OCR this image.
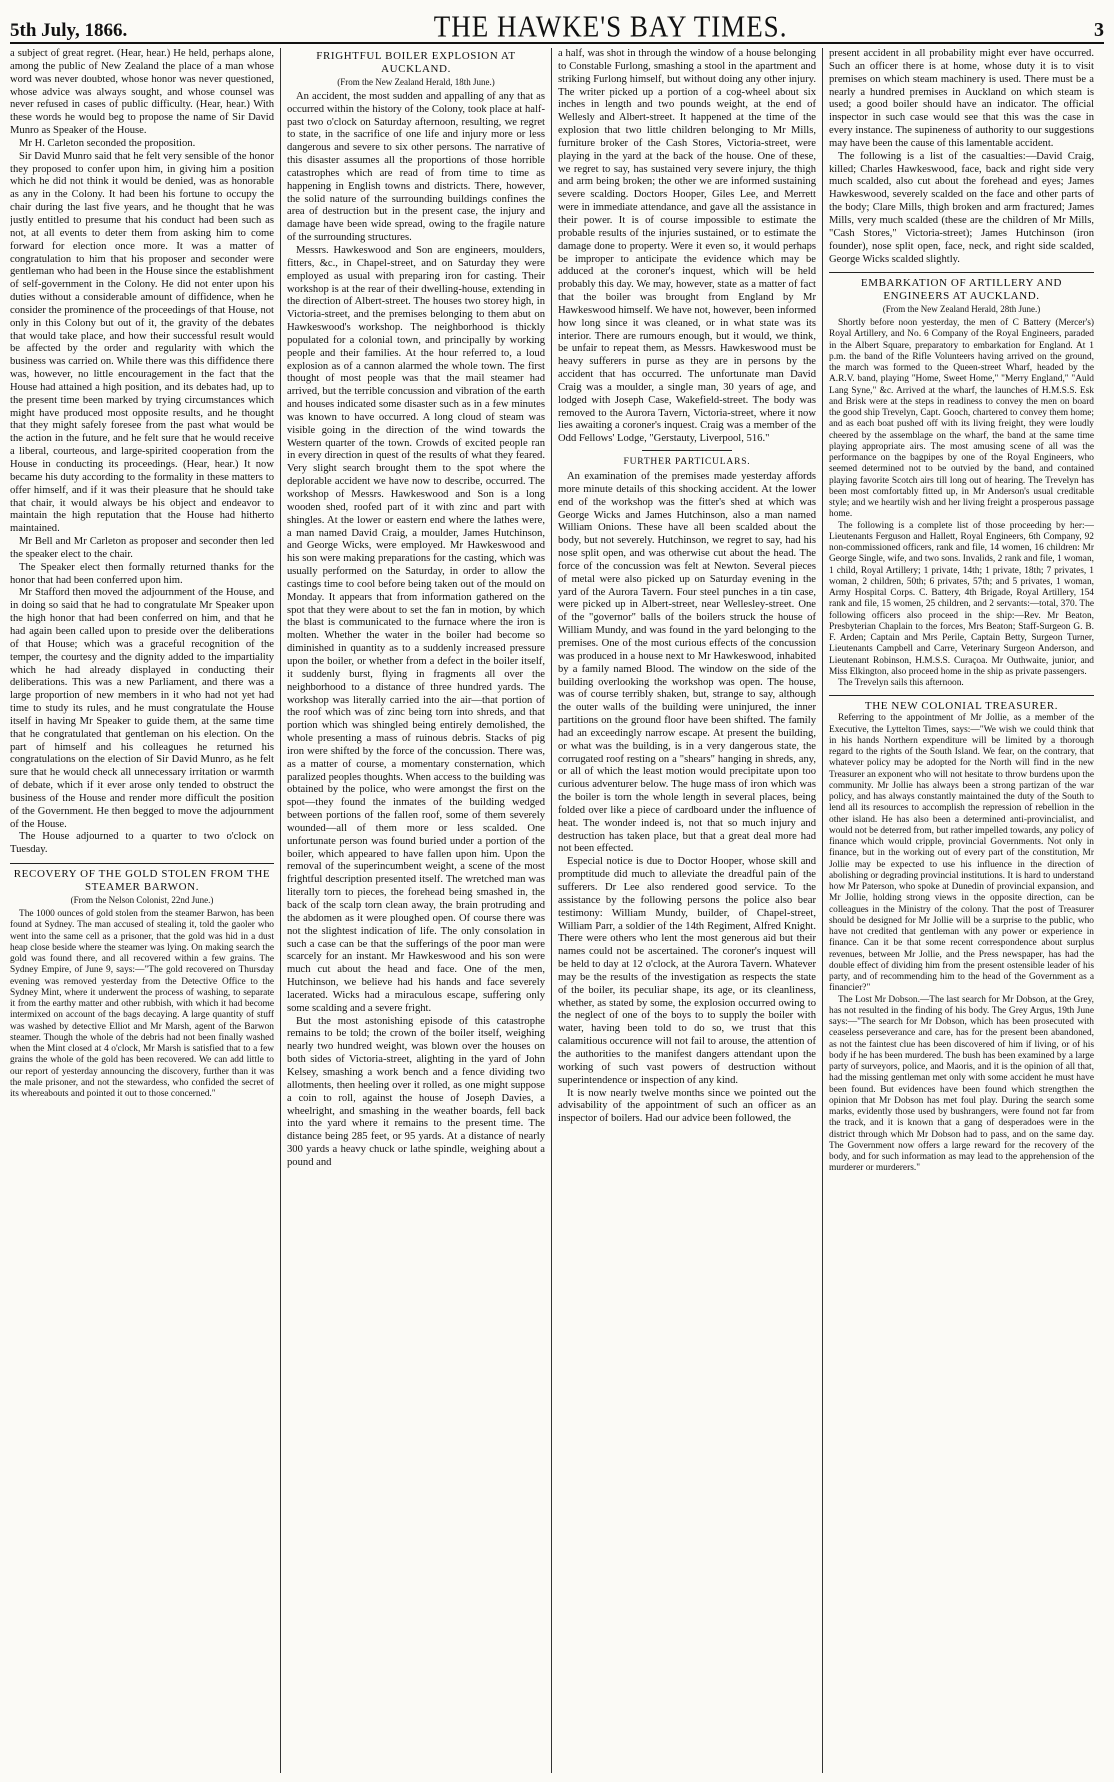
5th July, 1866.	THE HAWKE'S BAY TIMES.	3

a subject of great regret. (Hear, hear.) He held, perhaps alone, among the public of New Zealand the place of a man whose word was never doubted, whose honor was never questioned, whose advice was always sought, and whose counsel was never refused in cases of public difficulty. (Hear, hear.) With these words he would beg to propose the name of Sir David Munro as Speaker of the House.

Mr H. Carleton seconded the proposition.

Sir David Munro said that he felt very sensible of the honor they proposed to confer upon him, in giving him a position which he did not think it would be denied, was as honorable as any in the Colony. It had been his fortune to occupy the chair during the last five years, and he thought that he was justly entitled to presume that his conduct had been such as not, at all events to deter them from asking him to come forward for election once more. It was a matter of congratulation to him that his proposer and seconder were gentleman who had been in the House since the establishment of self-government in the Colony. He did not enter upon his duties without a considerable amount of diffidence, when he consider the prominence of the proceedings of that House, not only in this Colony but out of it, the gravity of the debates that would take place, and how their successful result would be affected by the order and regularity with which the business was carried on. While there was this diffidence there was, however, no little encouragement in the fact that the House had attained a high position, and its debates had, up to the present time been marked by trying circumstances which might have produced most opposite results, and he thought that they might safely foresee from the past what would be the action in the future, and he felt sure that he would receive a liberal, courteous, and large-spirited cooperation from the House in conducting its proceedings. (Hear, hear.) It now became his duty according to the formality in these matters to offer himself, and if it was their pleasure that he should take that chair, it would always be his object and endeavor to maintain the high reputation that the House had hitherto maintained.

Mr Bell and Mr Carleton as proposer and seconder then led the speaker elect to the chair.

The Speaker elect then formally returned thanks for the honor that had been conferred upon him.

Mr Stafford then moved the adjournment of the House, and in doing so said that he had to congratulate Mr Speaker upon the high honor that had been conferred on him, and that he had again been called upon to preside over the deliberations of that House; which was a graceful recognition of the temper, the courtesy and the dignity added to the impartiality which he had already displayed in conducting their deliberations. This was a new Parliament, and there was a large proportion of new members in it who had not yet had time to study its rules, and he must congratulate the House itself in having Mr Speaker to guide them, at the same time that he congratulated that gentleman on his election. On the part of himself and his colleagues he returned his congratulations on the election of Sir David Munro, as he felt sure that he would check all unnecessary irritation or warmth of debate, which if it ever arose only tended to obstruct the business of the House and render more difficult the position of the Government. He then begged to move the adjournment of the House.

The House adjourned to a quarter to two o'clock on Tuesday.

RECOVERY OF THE GOLD STOLEN FROM THE STEAMER BARWON.

(From the Nelson Colonist, 22nd June.)

The 1000 ounces of gold stolen from the steamer Barwon, has been found at Sydney. The man accused of stealing it, told the gaoler who went into the same cell as a prisoner, that the gold was hid in a dust heap close beside where the steamer was lying. On making search the gold was found there, and all recovered within a few grains. The Sydney Empire, of June 9, says:—"The gold recovered on Thursday evening was removed yesterday from the Detective Office to the Sydney Mint, where it underwent the process of washing, to separate it from the earthy matter and other rubbish, with which it had become intermixed on account of the bags decaying. A large quantity of stuff was washed by detective Elliot and Mr Marsh, agent of the Barwon steamer. Though the whole of the debris had not been finally washed when the Mint closed at 4 o'clock, Mr Marsh is satisfied that to a few grains the whole of the gold has been recovered. We can add little to our report of yesterday announcing the discovery, further than it was the male prisoner, and not the stewardess, who confided the secret of its whereabouts and pointed it out to those concerned."

FRIGHTFUL BOILER EXPLOSION AT AUCKLAND.

(From the New Zealand Herald, 18th June.)

An accident, the most sudden and appalling of any that as occurred within the history of the Colony, took place at half-past two o'clock on Saturday afternoon, resulting, we regret to state, in the sacrifice of one life and injury more or less dangerous and severe to six other persons. The narrative of this disaster assumes all the proportions of those horrible catastrophes which are read of from time to time as happening in English towns and districts. There, however, the solid nature of the surrounding buildings confines the area of destruction but in the present case, the injury and damage have been wide spread, owing to the fragile nature of the surrounding structures.

Messrs. Hawkeswood and Son are engineers, moulders, fitters, &c., in Chapel-street, and on Saturday they were employed as usual with preparing iron for casting. Their workshop is at the rear of their dwelling-house, extending in the direction of Albert-street. The houses two storey high, in Victoria-street, and the premises belonging to them abut on Hawkeswood's workshop. The neighborhood is thickly populated for a colonial town, and principally by working people and their families. At the hour referred to, a loud explosion as of a cannon alarmed the whole town. The first thought of most people was that the mail steamer had arrived, but the terrible concussion and vibration of the earth and houses indicated some disaster such as in a few minutes was known to have occurred. A long cloud of steam was visible going in the direction of the wind towards the Western quarter of the town. Crowds of excited people ran in every direction in quest of the results of what they feared. Very slight search brought them to the spot where the deplorable accident we have now to describe, occurred. The workshop of Messrs. Hawkeswood and Son is a long wooden shed, roofed part of it with zinc and part with shingles. At the lower or eastern end where the lathes were, a man named David Craig, a moulder, James Hutchinson, and George Wicks, were employed. Mr Hawkeswood and his son were making preparations for the casting, which was usually performed on the Saturday, in order to allow the castings time to cool before being taken out of the mould on Monday. It appears that from information gathered on the spot that they were about to set the fan in motion, by which the blast is communicated to the furnace where the iron is molten. Whether the water in the boiler had become so diminished in quantity as to a suddenly increased pressure upon the boiler, or whether from a defect in the boiler itself, it suddenly burst, flying in fragments all over the neighborhood to a distance of three hundred yards. The workshop was literally carried into the air—that portion of the roof which was of zinc being torn into shreds, and that portion which was shingled being entirely demolished, the whole presenting a mass of ruinous debris. Stacks of pig iron were shifted by the force of the concussion. There was, as a matter of course, a momentary consternation, which paralized peoples thoughts. When access to the building was obtained by the police, who were amongst the first on the spot—they found the inmates of the building wedged between portions of the fallen roof, some of them severely wounded—all of them more or less scalded. One unfortunate person was found buried under a portion of the boiler, which appeared to have fallen upon him. Upon the removal of the superincumbent weight, a scene of the most frightful description presented itself. The wretched man was literally torn to pieces, the forehead being smashed in, the back of the scalp torn clean away, the brain protruding and the abdomen as it were ploughed open. Of course there was not the slightest indication of life. The only consolation in such a case can be that the sufferings of the poor man were scarcely for an instant. Mr Hawkeswood and his son were much cut about the head and face. One of the men, Hutchinson, we believe had his hands and face severely lacerated. Wicks had a miraculous escape, suffering only some scalding and a severe fright.

But the most astonishing episode of this catastrophe remains to be told; the crown of the boiler itself, weighing nearly two hundred weight, was blown over the houses on both sides of Victoria-street, alighting in the yard of John Kelsey, smashing a work bench and a fence dividing two allotments, then heeling over it rolled, as one might suppose a coin to roll, against the house of Joseph Davies, a wheelright, and smashing in the weather boards, fell back into the yard where it remains to the present time. The distance being 285 feet, or 95 yards. At a distance of nearly 300 yards a heavy chuck or lathe spindle, weighing about a pound and

a half, was shot in through the window of a house belonging to Constable Furlong, smashing a stool in the apartment and striking Furlong himself, but without doing any other injury. The writer picked up a portion of a cog-wheel about six inches in length and two pounds weight, at the end of Wellesly and Albert-street. It happened at the time of the explosion that two little children belonging to Mr Mills, furniture broker of the Cash Stores, Victoria-street, were playing in the yard at the back of the house. One of these, we regret to say, has sustained very severe injury, the thigh and arm being broken; the other we are informed sustaining severe scalding. Doctors Hooper, Giles Lee, and Merrett were in immediate attendance, and gave all the assistance in their power. It is of course impossible to estimate the probable results of the injuries sustained, or to estimate the damage done to property. Were it even so, it would perhaps be improper to anticipate the evidence which may be adduced at the coroner's inquest, which will be held probably this day. We may, however, state as a matter of fact that the boiler was brought from England by Mr Hawkeswood himself. We have not, however, been informed how long since it was cleaned, or in what state was its interior. There are rumours enough, but it would, we think, be unfair to repeat them, as Messrs. Hawkeswood must be heavy sufferers in purse as they are in persons by the accident that has occurred. The unfortunate man David Craig was a moulder, a single man, 30 years of age, and lodged with Joseph Case, Wakefield-street. The body was removed to the Aurora Tavern, Victoria-street, where it now lies awaiting a coroner's inquest. Craig was a member of the Odd Fellows' Lodge, "Gerstauty, Liverpool, 516."

FURTHER PARTICULARS.

An examination of the premises made yesterday affords more minute details of this shocking accident. At the lower end of the workshop was the fitter's shed at which was George Wicks and James Hutchinson, also a man named William Onions. These have all been scalded about the body, but not severely. Hutchinson, we regret to say, had his nose split open, and was otherwise cut about the head. The force of the concussion was felt at Newton. Several pieces of metal were also picked up on Saturday evening in the yard of the Aurora Tavern. Four steel punches in a tin case, were picked up in Albert-street, near Wellesley-street. One of the "governor" balls of the boilers struck the house of William Mundy, and was found in the yard belonging to the premises. One of the most curious effects of the concussion was produced in a house next to Mr Hawkeswood, inhabited by a family named Blood. The window on the side of the building overlooking the workshop was open. The house, was of course terribly shaken, but, strange to say, although the outer walls of the building were uninjured, the inner partitions on the ground floor have been shifted. The family had an exceedingly narrow escape. At present the building, or what was the building, is in a very dangerous state, the corrugated roof resting on a "shears" hanging in shreds, any, or all of which the least motion would precipitate upon too curious adventurer below. The huge mass of iron which was the boiler is torn the whole length in several places, being folded over like a piece of cardboard under the influence of heat. The wonder indeed is, not that so much injury and destruction has taken place, but that a great deal more had not been effected.

Especial notice is due to Doctor Hooper, whose skill and promptitude did much to alleviate the dreadful pain of the sufferers. Dr Lee also rendered good service. To the assistance by the following persons the police also bear testimony: William Mundy, builder, of Chapel-street, William Parr, a soldier of the 14th Regiment, Alfred Knight. There were others who lent the most generous aid but their names could not be ascertained. The coroner's inquest will be held to day at 12 o'clock, at the Aurora Tavern. Whatever may be the results of the investigation as respects the state of the boiler, its peculiar shape, its age, or its cleanliness, whether, as stated by some, the explosion occurred owing to the neglect of one of the boys to to supply the boiler with water, having been told to do so, we trust that this calamitious occurence will not fail to arouse, the attention of the authorities to the manifest dangers attendant upon the working of such vast powers of destruction without superintendence or inspection of any kind.

It is now nearly twelve months since we pointed out the advisability of the appointment of such an officer as an inspector of boilers. Had our advice been followed, the

present accident in all probability might ever have occurred. Such an officer there is at home, whose duty it is to visit premises on which steam machinery is used. There must be a nearly a hundred premises in Auckland on which steam is used; a good boiler should have an indicator. The official inspector in such case would see that this was the case in every instance. The supineness of authority to our suggestions may have been the cause of this lamentable accident.

The following is a list of the casualties:—David Craig, killed; Charles Hawkeswood, face, back and right side very much scalded, also cut about the forehead and eyes; James Hawkeswood, severely scalded on the face and other parts of the body; Clare Mills, thigh broken and arm fractured; James Mills, very much scalded (these are the children of Mr Mills, "Cash Stores," Victoria-street); James Hutchinson (iron founder), nose split open, face, neck, and right side scalded, George Wicks scalded slightly.

EMBARKATION OF ARTILLERY AND ENGINEERS AT AUCKLAND.

(From the New Zealand Herald, 28th June.)

Shortly before noon yesterday, the men of C Battery (Mercer's) Royal Artillery, and No. 6 Company of the Royal Engineers, paraded in the Albert Square, preparatory to embarkation for England. At 1 p.m. the band of the Rifle Volunteers having arrived on the ground, the march was formed to the Queen-street Wharf, headed by the A.R.V. band, playing "Home, Sweet Home," "Merry England," "Auld Lang Syne," &c. Arrived at the wharf, the launches of H.M.S.S. Esk and Brisk were at the steps in readiness to convey the men on board the good ship Trevelyn, Capt. Gooch, chartered to convey them home; and as each boat pushed off with its living freight, they were loudly cheered by the assemblage on the wharf, the band at the same time playing appropriate airs. The most amusing scene of all was the performance on the bagpipes by one of the Royal Engineers, who seemed determined not to be outvied by the band, and contained playing favorite Scotch airs till long out of hearing. The Trevelyn has been most comfortably fitted up, in Mr Anderson's usual creditable style; and we heartily wish and her living freight a prosperous passage home.

The following is a complete list of those proceeding by her:—Lieutenants Ferguson and Hallett, Royal Engineers, 6th Company, 92 non-commissioned officers, rank and file, 14 women, 16 children: Mr George Single, wife, and two sons. Invalids, 2 rank and file, 1 woman, 1 child, Royal Artillery; 1 private, 14th; 1 private, 18th; 7 privates, 1 woman, 2 children, 50th; 6 privates, 57th; and 5 privates, 1 woman, Army Hospital Corps. C. Battery, 4th Brigade, Royal Artillery, 154 rank and file, 15 women, 25 children, and 2 servants:—total, 370. The following officers also proceed in the ship:—Rev. Mr Beaton, Presbyterian Chaplain to the forces, Mrs Beaton; Staff-Surgeon G. B. F. Arden; Captain and Mrs Perile, Captain Betty, Surgeon Turner, Lieutenants Campbell and Carre, Veterinary Surgeon Anderson, and Lieutenant Robinson, H.M.S.S. Curaçoa. Mr Outhwaite, junior, and Miss Elkington, also proceed home in the ship as private passengers.

The Trevelyn sails this afternoon.

THE NEW COLONIAL TREASURER.

Referring to the appointment of Mr Jollie, as a member of the Executive, the Lyttelton Times, says:—"We wish we could think that in his hands Northern expenditure will be limited by a thorough regard to the rights of the South Island. We fear, on the contrary, that whatever policy may be adopted for the North will find in the new Treasurer an exponent who will not hesitate to throw burdens upon the community. Mr Jollie has always been a strong partizan of the war policy, and has always constantly maintained the duty of the South to lend all its resources to accomplish the repression of rebellion in the other island. He has also been a determined anti-provincialist, and would not be deterred from, but rather impelled towards, any policy of finance which would cripple, provincial Governments. Not only in finance, but in the working out of every part of the constitution, Mr Jollie may be expected to use his influence in the direction of abolishing or degrading provincial institutions. It is hard to understand how Mr Paterson, who spoke at Dunedin of provincial expansion, and Mr Jollie, holding strong views in the opposite direction, can be colleagues in the Ministry of the colony. That the post of Treasurer should be designed for Mr Jollie will be a surprise to the public, who have not credited that gentleman with any power or experience in finance. Can it be that some recent correspondence about surplus revenues, between Mr Jollie, and the Press newspaper, has had the double effect of dividing him from the present ostensible leader of his party, and of recommending him to the head of the Government as a financier?"

The Lost Mr Dobson.—The last search for Mr Dobson, at the Grey, has not resulted in the finding of his body. The Grey Argus, 19th June says:—"The search for Mr Dobson, which has been prosecuted with ceaseless perseverance and care, has for the present been abandoned, as not the faintest clue has been discovered of him if living, or of his body if he has been murdered. The bush has been examined by a large party of surveyors, police, and Maoris, and it is the opinion of all that, had the missing gentleman met only with some accident he must have been found. But evidences have been found which strengthen the opinion that Mr Dobson has met foul play. During the search some marks, evidently those used by bushrangers, were found not far from the track, and it is known that a gang of desperadoes were in the district through which Mr Dobson had to pass, and on the same day. The Government now offers a large reward for the recovery of the body, and for such information as may lead to the apprehension of the murderer or murderers."
